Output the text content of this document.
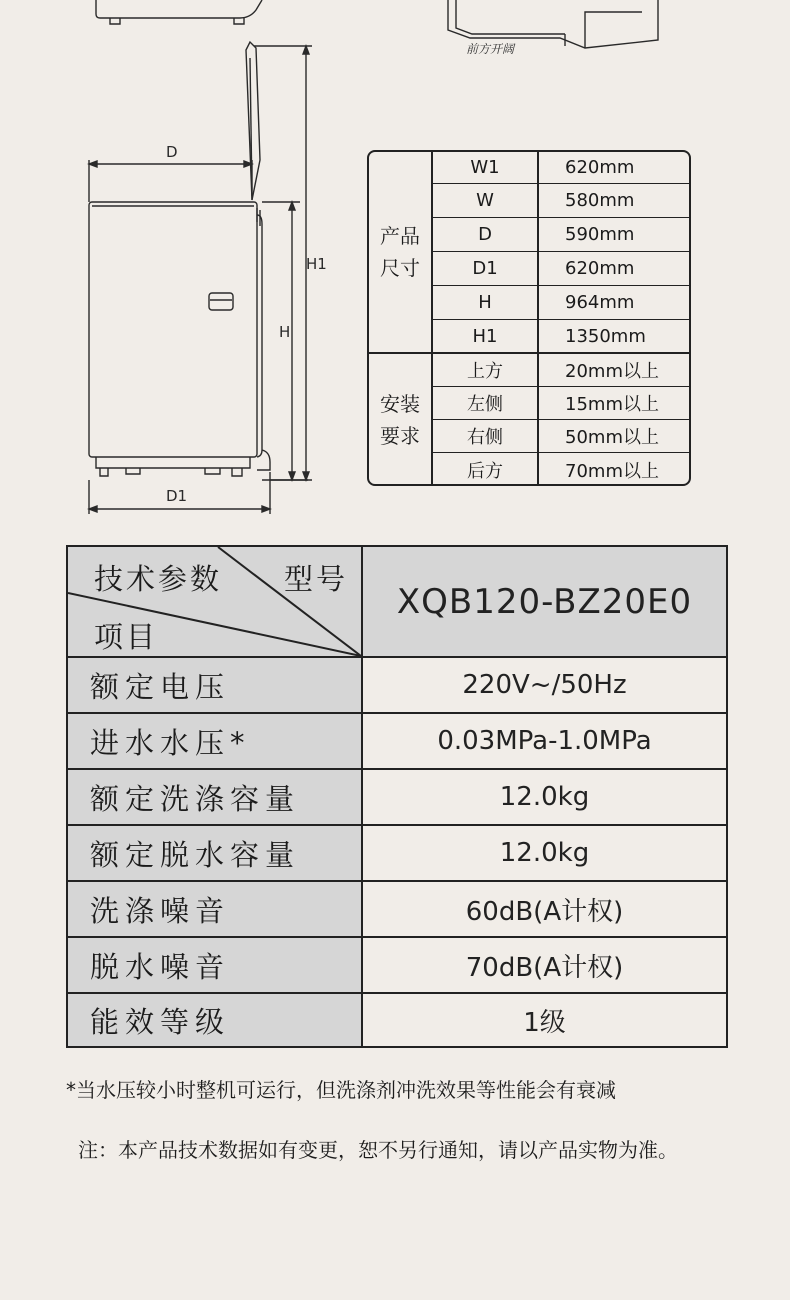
D
D1
H
H1
前方开阔
产品
尺寸
安装
要求
W1	620mm
W	580mm
D	590mm
D1	620mm
H	964mm
H1	1350mm
上方	20mm以上
左侧	15mm以上
右侧	50mm以上
后方	70mm以上
技术参数 型号
项目
XQB120-BZ20E0
额定电压	220V~/50Hz
进水水压*	0.03MPa-1.0MPa
额定洗涤容量	12.0kg
额定脱水容量	12.0kg
洗涤噪音	60dB(A计权)
脱水噪音	70dB(A计权)
能效等级	1级
*当水压较小时整机可运行，但洗涤剂冲洗效果等性能会有衰减
注：本产品技术数据如有变更，恕不另行通知，请以产品实物为准。
